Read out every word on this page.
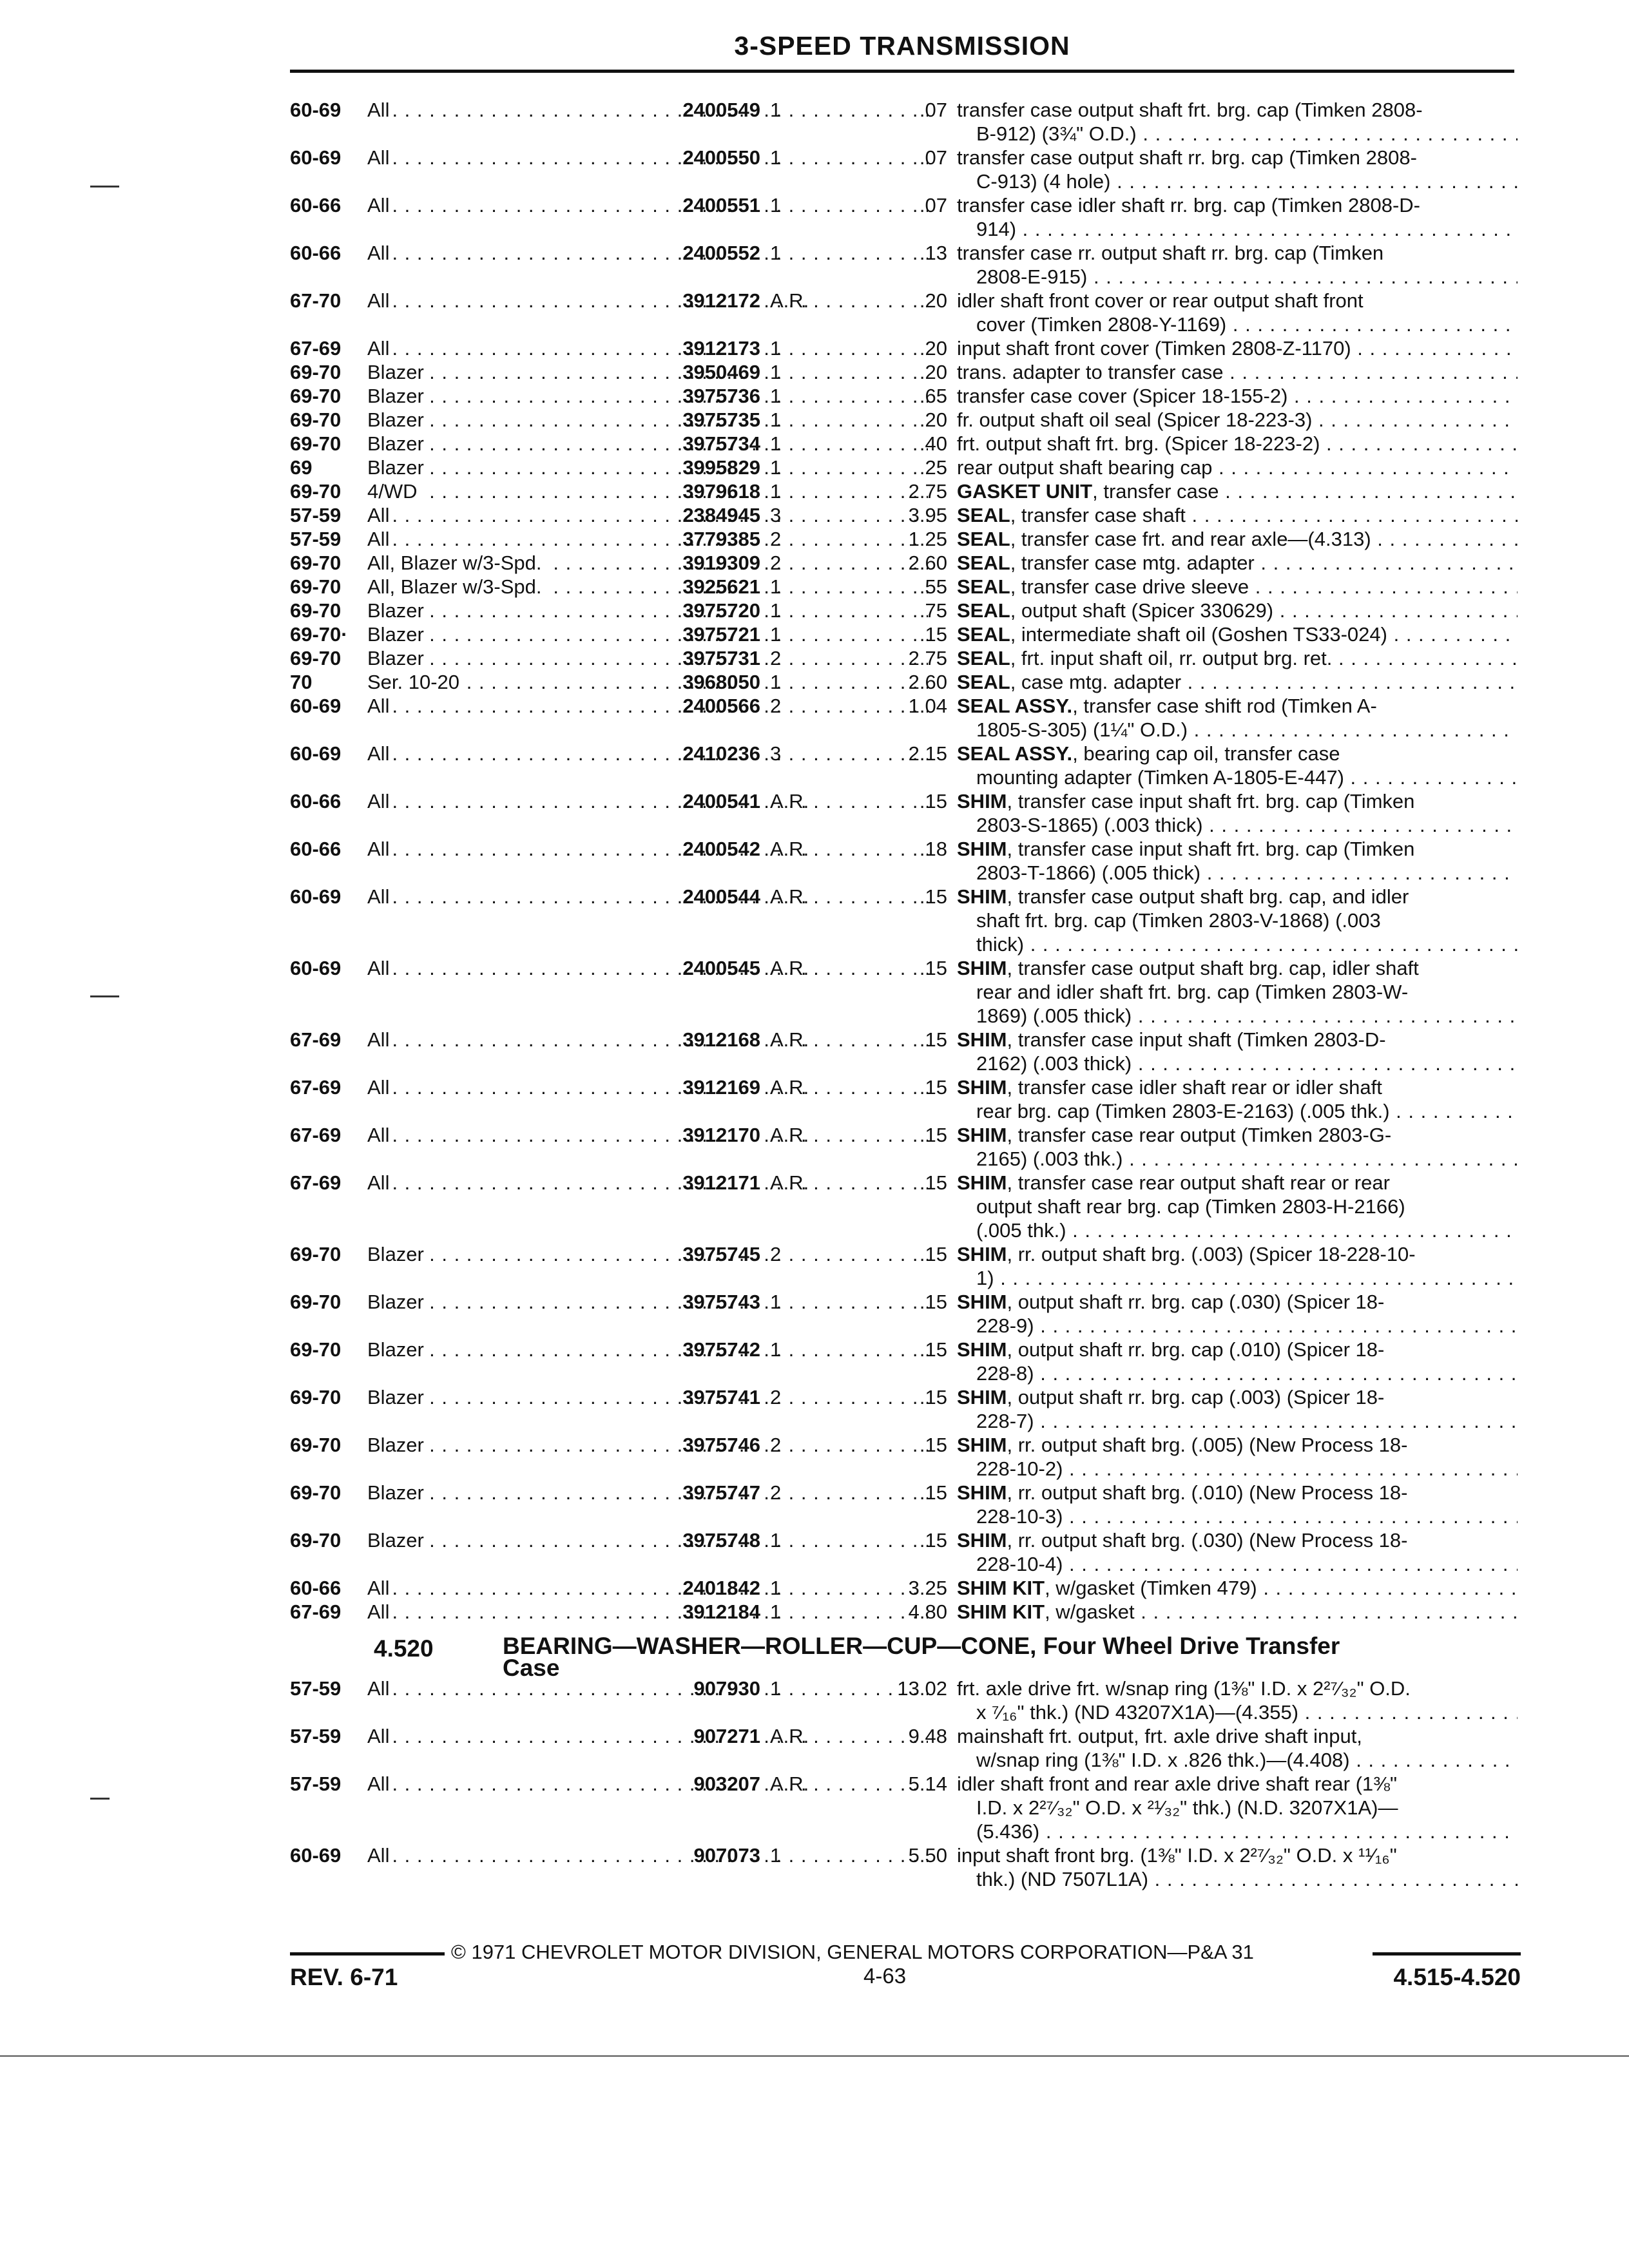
3-SPEED TRANSMISSION
60-69	All . . .	2400549 1	.07 transfer case output shaft frt. brg. cap (Timken 2808-
B-912) (3¾" O.D.) . . .
60-69	All . . .	2400550 1	.07 transfer case output shaft rr. brg. cap (Timken 2808-
C-913) (4 hole) . . .
60-66	All . . .	2400551 1	.07 transfer case idler shaft rr. brg. cap (Timken 2808-D-
914) . . .
60-66	All . . .	2400552 1	.13 transfer case rr. output shaft rr. brg. cap (Timken
2808-E-915) . . .
67-70	All . . .	3912172 A.R.	.20 idler shaft front cover or rear output shaft front
cover (Timken 2808-Y-1169) . . .
67-69	All . . .	3912173 1	.20 input shaft front cover (Timken 2808-Z-1170) . . .
69-70	Blazer . . .	3950469 1	.20 trans. adapter to transfer case . . .
69-70	Blazer . . .	3975736 1	.65 transfer case cover (Spicer 18-155-2) . . .
69-70	Blazer . . .	3975735 1	.20 fr. output shaft oil seal (Spicer 18-223-3) . . .
69-70	Blazer . . .	3975734 1	.40 frt. output shaft frt. brg. (Spicer 18-223-2) . . .
69	Blazer . . .	3995829 1	.25 rear output shaft bearing cap . . .
69-70	4/WD . . .	3979618 1	2.75 GASKET UNIT, transfer case . . .
57-59	All . . .	2384945 3	3.95 SEAL, transfer case shaft . . .
57-59	All . . .	3779385 2	1.25 SEAL, transfer case frt. and rear axle—(4.313) . . .
69-70	All, Blazer w/3-Spd. . . .	3919309 2	2.60 SEAL, transfer case mtg. adapter . . .
69-70	All, Blazer w/3-Spd. . . .	3925621 1	.55 SEAL, transfer case drive sleeve . . .
69-70	Blazer . . .	3975720 1	.75 SEAL, output shaft (Spicer 330629) . . .
69-70· Blazer . . .	3975721 1	.15 SEAL, intermediate shaft oil (Goshen TS33-024) . . .
69-70	Blazer . . .	3975731 2	2.75 SEAL, frt. input shaft oil, rr. output brg. ret. . . .
70	Ser. 10-20 . . .	3968050 1	2.60 SEAL, case mtg. adapter . . .
60-69	All . . .	2400566 2	1.04 SEAL ASSY., transfer case shift rod (Timken A-
1805-S-305) (1¼" O.D.) . . .
60-69	All . . .	2410236 3	2.15 SEAL ASSY., bearing cap oil, transfer case
mounting adapter (Timken A-1805-E-447) . . .
60-66	All . . .	2400541 A.R.	.15 SHIM, transfer case input shaft frt. brg. cap (Timken
2803-S-1865) (.003 thick) . . .
60-66	All . . .	2400542 A.R.	.18 SHIM, transfer case input shaft frt. brg. cap (Timken
2803-T-1866) (.005 thick) . . .
60-69	All . . .	2400544 A.R.	.15 SHIM, transfer case output shaft brg. cap, and idler
shaft frt. brg. cap (Timken 2803-V-1868) (.003
thick) . . .
60-69	All . . .	2400545 A.R.	.15 SHIM, transfer case output shaft brg. cap, idler shaft
rear and idler shaft frt. brg. cap (Timken 2803-W-
1869) (.005 thick) . . .
67-69	All . . .	3912168 A.R.	.15 SHIM, transfer case input shaft (Timken 2803-D-
2162) (.003 thick) . . .
67-69	All . . .	3912169 A.R.	.15 SHIM, transfer case idler shaft rear or idler shaft
rear brg. cap (Timken 2803-E-2163) (.005 thk.) . . .
67-69	All . . .	3912170 A.R.	.15 SHIM, transfer case rear output (Timken 2803-G-
2165) (.003 thk.) . . .
67-69	All . . .	3912171 A.R.	.15 SHIM, transfer case rear output shaft rear or rear
output shaft rear brg. cap (Timken 2803-H-2166)
(.005 thk.) . . .
69-70	Blazer . . .	3975745 2	.15 SHIM, rr. output shaft brg. (.003) (Spicer 18-228-10-
1) . . .
69-70	Blazer . . .	3975743 1	.15 SHIM, output shaft rr. brg. cap (.030) (Spicer 18-
228-9) . . .
69-70	Blazer . . .	3975742 1	.15 SHIM, output shaft rr. brg. cap (.010) (Spicer 18-
228-8) . . .
69-70	Blazer . . .	3975741 2	.15 SHIM, output shaft rr. brg. cap (.003) (Spicer 18-
228-7) . . .
69-70	Blazer . . .	3975746 2	.15 SHIM, rr. output shaft brg. (.005) (New Process 18-
228-10-2) . . .
69-70	Blazer . . .	3975747 2	.15 SHIM, rr. output shaft brg. (.010) (New Process 18-
228-10-3) . . .
69-70	Blazer . . .	3975748 1	.15 SHIM, rr. output shaft brg. (.030) (New Process 18-
228-10-4) . . .
60-66	All . . .	2401842 1	3.25 SHIM KIT, w/gasket (Timken 479) . . .
67-69	All . . .	3912184 1	4.80 SHIM KIT, w/gasket . . .
4.520	BEARING—WASHER—ROLLER—CUP—CONE, Four Wheel Drive Transfer
Case
57-59	All . . .	907930 1	13.02 frt. axle drive frt. w/snap ring (1⅜" I.D. x 2²⁷⁄₃₂" O.D.
x ⁷⁄₁₆" thk.) (ND 43207X1A)—(4.355) . . .
57-59	All . . .	907271 A.R.	9.48 mainshaft frt. output, frt. axle drive shaft input,
w/snap ring (1⅜" I.D. x .826 thk.)—(4.408) . . .
57-59	All . . .	903207 A.R.	5.14 idler shaft front and rear axle drive shaft rear (1⅜"
I.D. x 2²⁷⁄₃₂" O.D. x ²¹⁄₃₂" thk.) (N.D. 3207X1A)—
(5.436) . . .
60-69	All . . .	907073 1	5.50 input shaft front brg. (1⅜" I.D. x 2²⁷⁄₃₂" O.D. x ¹¹⁄₁₆"
thk.) (ND 7507L1A) . . .
© 1971 CHEVROLET MOTOR DIVISION, GENERAL MOTORS CORPORATION—P&A 31
REV. 6-71	4-63	4.515-4.520
